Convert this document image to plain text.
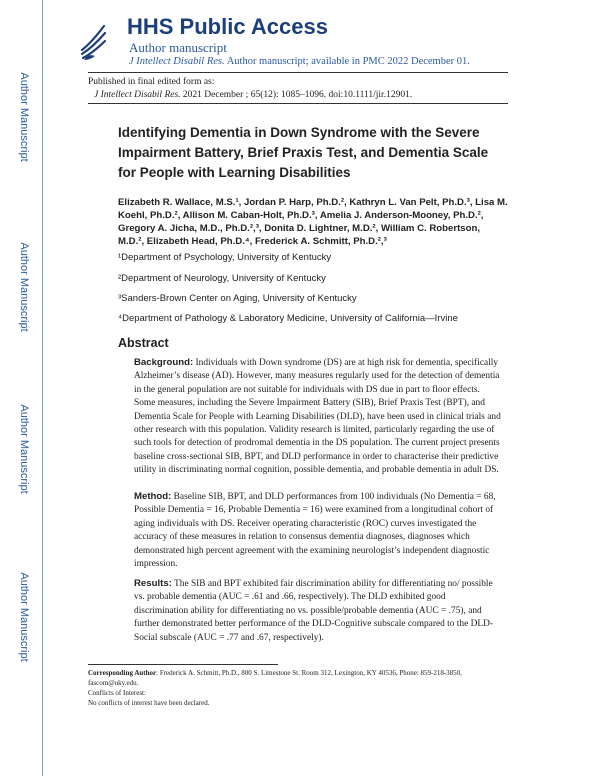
Author Manuscript
Author Manuscript
Author Manuscript
Author Manuscript
HHS Public Access
Author manuscript
J Intellect Disabil Res. Author manuscript; available in PMC 2022 December 01.
Published in final edited form as:
J Intellect Disabil Res. 2021 December ; 65(12): 1085–1096. doi:10.1111/jir.12901.
Identifying Dementia in Down Syndrome with the Severe Impairment Battery, Brief Praxis Test, and Dementia Scale for People with Learning Disabilities
Elizabeth R. Wallace, M.S.¹, Jordan P. Harp, Ph.D.², Kathryn L. Van Pelt, Ph.D.³, Lisa M. Koehl, Ph.D.², Allison M. Caban-Holt, Ph.D.³, Amelia J. Anderson-Mooney, Ph.D.², Gregory A. Jicha, M.D., Ph.D.²,³, Donita D. Lightner, M.D.², William C. Robertson, M.D.², Elizabeth Head, Ph.D.⁴, Frederick A. Schmitt, Ph.D.²,³
¹Department of Psychology, University of Kentucky
²Department of Neurology, University of Kentucky
³Sanders-Brown Center on Aging, University of Kentucky
⁴Department of Pathology & Laboratory Medicine, University of California—Irvine
Abstract
Background: Individuals with Down syndrome (DS) are at high risk for dementia, specifically Alzheimer’s disease (AD). However, many measures regularly used for the detection of dementia in the general population are not suitable for individuals with DS due in part to floor effects. Some measures, including the Severe Impairment Battery (SIB), Brief Praxis Test (BPT), and Dementia Scale for People with Learning Disabilities (DLD), have been used in clinical trials and other research with this population. Validity research is limited, particularly regarding the use of such tools for detection of prodromal dementia in the DS population. The current project presents baseline cross-sectional SIB, BPT, and DLD performance in order to characterise their predictive utility in discriminating normal cognition, possible dementia, and probable dementia in adult DS.
Method: Baseline SIB, BPT, and DLD performances from 100 individuals (No Dementia = 68, Possible Dementia = 16, Probable Dementia = 16) were examined from a longitudinal cohort of aging individuals with DS. Receiver operating characteristic (ROC) curves investigated the accuracy of these measures in relation to consensus dementia diagnoses, diagnoses which demonstrated high percent agreement with the examining neurologist’s independent diagnostic impression.
Results: The SIB and BPT exhibited fair discrimination ability for differentiating no/ possible vs. probable dementia (AUC = .61 and .66, respectively). The DLD exhibited good discrimination ability for differentiating no vs. possible/probable dementia (AUC = .75), and further demonstrated better performance of the DLD-Cognitive subscale compared to the DLD-Social subscale (AUC = .77 and .67, respectively).
Corresponding Author: Frederick A. Schmitt, Ph.D., 800 S. Limestone St. Room 312, Lexington, KY 40536, Phone: 859-218-3850, fascom@uky.edu.
Conflicts of Interest:
No conflicts of interest have been declared.
